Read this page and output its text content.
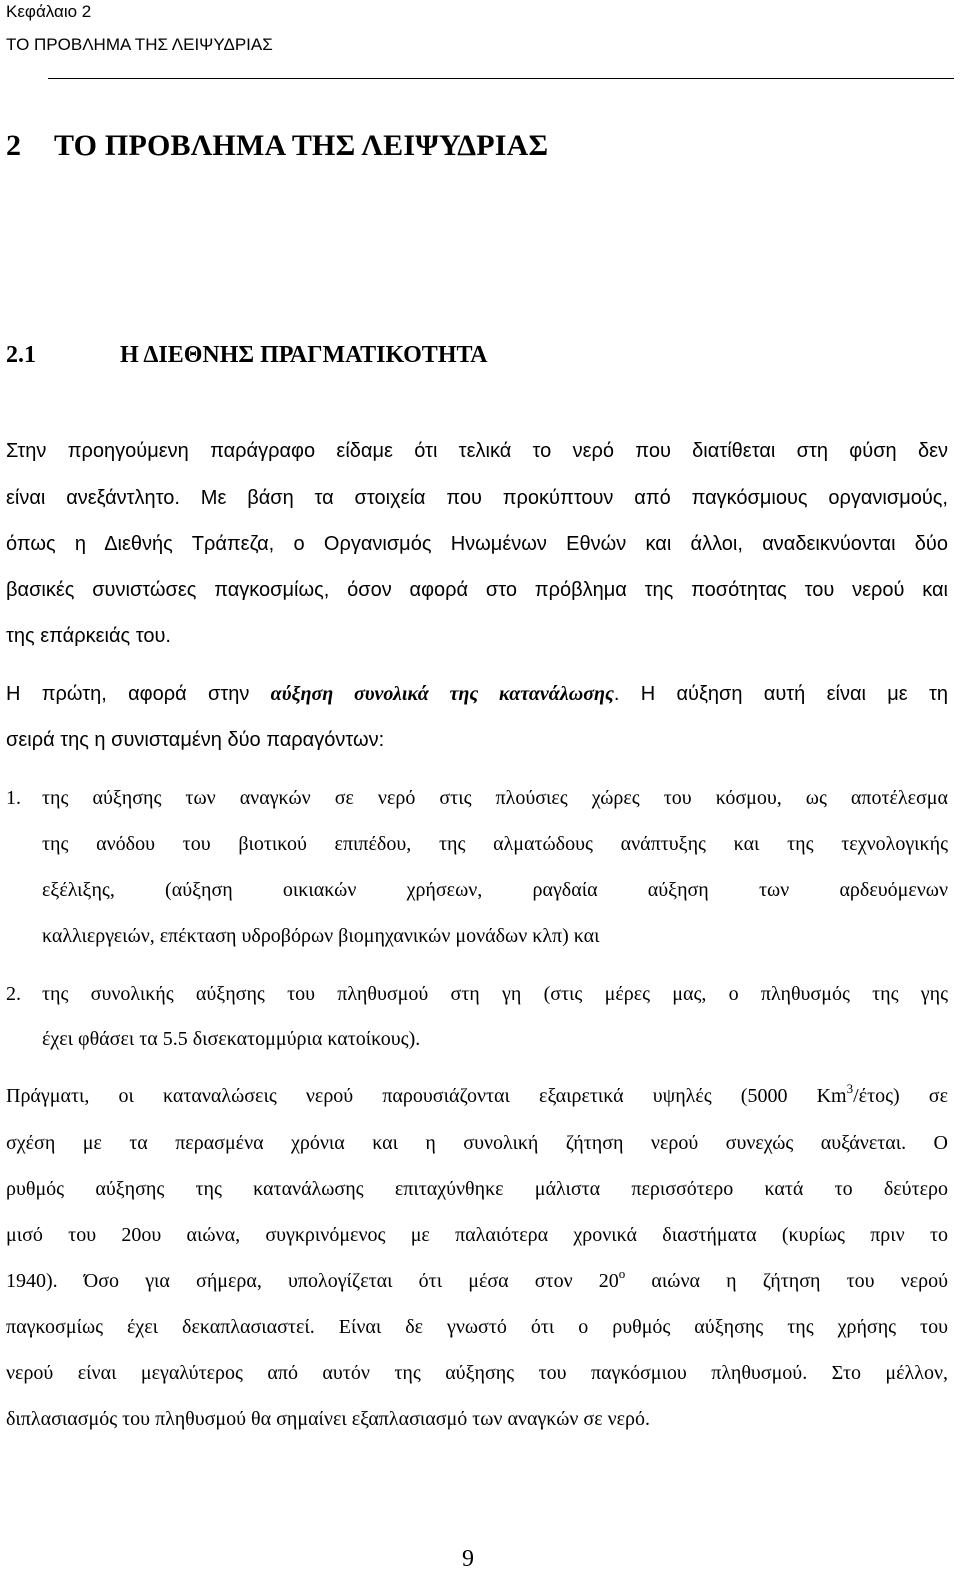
Κεφάλαιο 2
ΤΟ ΠΡΟΒΛΗΜΑ ΤΗΣ ΛΕΙΨΥΔΡΙΑΣ
2 ΤΟ ΠΡΟΒΛΗΜΑ ΤΗΣ ΛΕΙΨΥΔΡΙΑΣ
2.1	Η ΔΙΕΘΝΗΣ ΠΡΑΓΜΑΤΙΚΟΤΗΤΑ
Στην προηγούμενη παράγραφο είδαμε ότι τελικά το νερό που διατίθεται στη φύση δεν
είναι ανεξάντλητο. Με βάση τα στοιχεία που προκύπτουν από παγκόσμιους οργανισμούς,
όπως η Διεθνής Τράπεζα, ο Οργανισμός Ηνωμένων Εθνών και άλλοι, αναδεικνύονται δύο
βασικές συνιστώσες παγκοσμίως, όσον αφορά στο πρόβλημα της ποσότητας του νερού και
της επάρκειάς του.
Η πρώτη, αφορά στην αύξηση συνολικά της κατανάλωσης. Η αύξηση αυτή είναι με τη
σειρά της η συνισταμένη δύο παραγόντων:
1. της αύξησης των αναγκών σε νερό στις πλούσιες χώρες του κόσμου, ως αποτέλεσμα
της ανόδου του βιοτικού επιπέδου, της αλματώδους ανάπτυξης και της τεχνολογικής
εξέλιξης, (αύξηση οικιακών χρήσεων, ραγδαία αύξηση των αρδευόμενων
καλλιεργειών, επέκταση υδροβόρων βιομηχανικών μονάδων κλπ) και
2. της συνολικής αύξησης του πληθυσμού στη γη (στις μέρες μας, ο πληθυσμός της γης
έχει φθάσει τα 5.5 δισεκατομμύρια κατοίκους).
Πράγματι, οι καταναλώσεις νερού παρουσιάζονται εξαιρετικά υψηλές (5000 Km$^3$/έτος) σε
σχέση με τα περασμένα χρόνια και η συνολική ζήτηση νερού συνεχώς αυξάνεται. Ο
ρυθμός αύξησης της κατανάλωσης επιταχύνθηκε μάλιστα περισσότερο κατά το δεύτερο
μισό του 20ου αιώνα, συγκρινόμενος με παλαιότερα χρονικά διαστήματα (κυρίως πριν το
1940). Όσο για σήμερα, υπολογίζεται ότι μέσα στον $20^o$ αιώνα η ζήτηση του νερού
παγκοσμίως έχει δεκαπλασιαστεί. Είναι δε γνωστό ότι ο ρυθμός αύξησης της χρήσης του
νερού είναι μεγαλύτερος από αυτόν της αύξησης του παγκόσμιου πληθυσμού. Στο μέλλον,
διπλασιασμός του πληθυσμού θα σημαίνει εξαπλασιασμό των αναγκών σε νερό.
9
